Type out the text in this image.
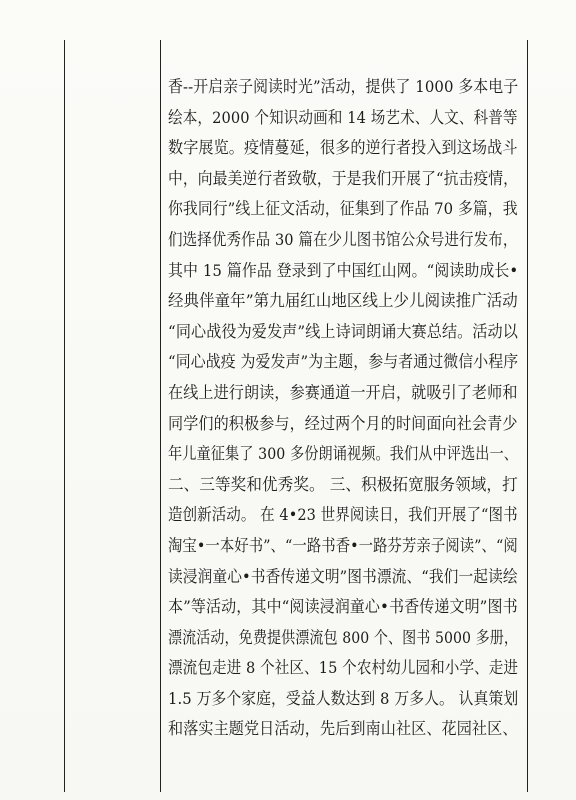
香--开启亲子阅读时光”活动，提供了 1000 多本电子
绘本，2000 个知识动画和 14 场艺术、人文、科普等
数字展览。疫情蔓延，很多的逆行者投入到这场战斗
中，向最美逆行者致敬，于是我们开展了“抗击疫情，
你我同行”线上征文活动，征集到了作品 70 多篇，我
们选择优秀作品 30 篇在少儿图书馆公众号进行发布，
其中 15 篇作品 登录到了中国红山网。“阅读助成长•
经典伴童年”第九届红山地区线上少儿阅读推广活动
“同心战役为爱发声”线上诗词朗诵大赛总结。活动以
“同心战疫 为爱发声”为主题，参与者通过微信小程序
在线上进行朗读，参赛通道一开启，就吸引了老师和
同学们的积极参与，经过两个月的时间面向社会青少
年儿童征集了 300 多份朗诵视频。我们从中评选出一、
二、三等奖和优秀奖。 三、积极拓宽服务领域，打
造创新活动。 在 4•23 世界阅读日，我们开展了“图书
淘宝•一本好书”、“一路书香•一路芬芳亲子阅读”、“阅
读浸润童心•书香传递文明”图书漂流、“我们一起读绘
本”等活动，其中“阅读浸润童心•书香传递文明”图书
漂流活动，免费提供漂流包 800 个、图书 5000 多册，
漂流包走进 8 个社区、15 个农村幼儿园和小学、走进
1.5 万多个家庭，受益人数达到 8 万多人。 认真策划
和落实主题党日活动，先后到南山社区、花园社区、
